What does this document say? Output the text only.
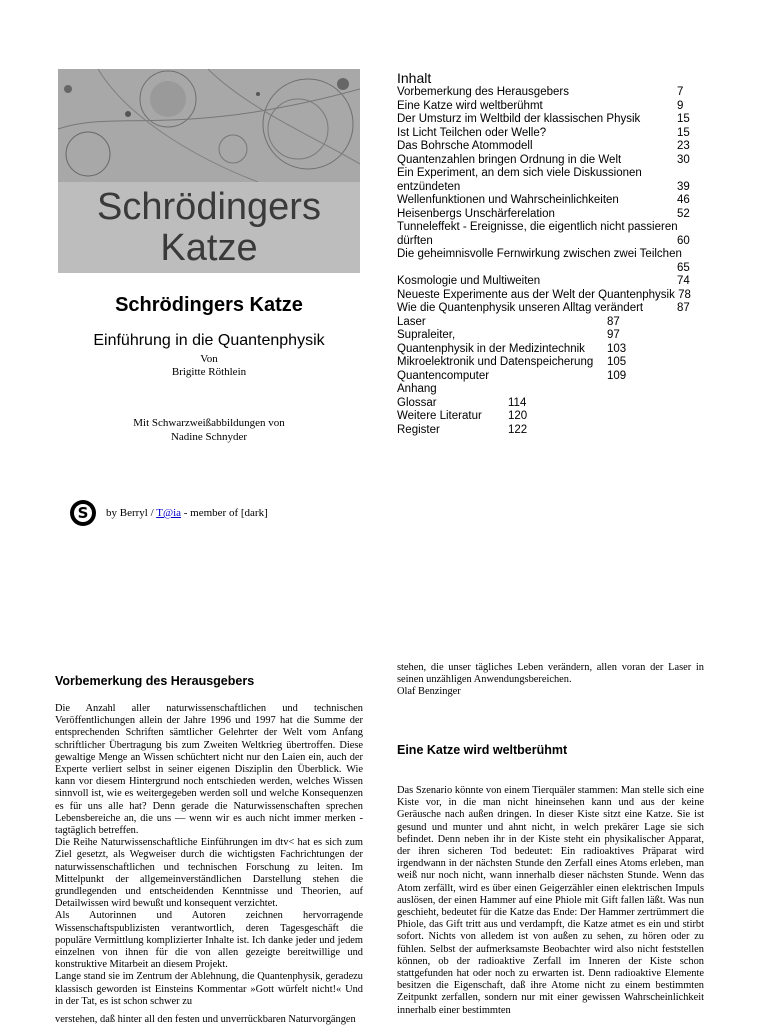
Schrödingers
Katze
Schrödingers Katze
Einführung in die Quantenphysik
Von
Brigitte Röthlein
Mit Schwarzweißabbildungen von
Nadine Schnyder
S	by Berryl / T@ia - member of [dark]
Inhalt
Vorbemerkung des Herausgebers	7
Eine Katze wird weltberühmt	9
Der Umsturz im Weltbild der klassischen Physik	15
Ist Licht Teilchen oder Welle?	15
Das Bohrsche Atommodell	23
Quantenzahlen bringen Ordnung in die Welt	30
Ein Experiment, an dem sich viele Diskussionen
entzündeten	39
Wellenfunktionen und Wahrscheinlichkeiten	46
Heisenbergs Unschärferelation	52
Tunneleffekt - Ereignisse, die eigentlich nicht passieren
dürften	60
Die geheimnisvolle Fernwirkung zwischen zwei Teilchen
65
Kosmologie und Multiweiten	74
Neueste Experimente aus der Welt der Quantenphysik 78
Wie die Quantenphysik unseren Alltag verändert	87
Laser	87
Supraleiter,	97
Quantenphysik in der Medizintechnik 103
Mikroelektronik und Datenspeicherung 105
Quantencomputer	109
Anhang
Glossar	114
Weitere Literatur 120
Register	122
Vorbemerkung des Herausgebers
Die Anzahl aller naturwissenschaftlichen und technischen Veröffentlichungen allein der Jahre 1996 und 1997 hat die Summe der entsprechenden Schriften sämtlicher Gelehrter der Welt vom Anfang schriftlicher Übertragung bis zum Zweiten Weltkrieg übertroffen. Diese gewaltige Menge an Wissen schüchtert nicht nur den Laien ein, auch der Experte verliert selbst in seiner eigenen Disziplin den Überblick. Wie kann vor diesem Hintergrund noch entschieden werden, welches Wissen sinnvoll ist, wie es weitergegeben werden soll und welche Konsequenzen es für uns alle hat? Denn gerade die Naturwissenschaften sprechen Lebensbereiche an, die uns — wenn wir es auch nicht immer merken - tagtäglich betreffen.
Die Reihe Naturwissenschaftliche Einführungen im dtv< hat es sich zum Ziel gesetzt, als Wegweiser durch die wichtigsten Fachrichtungen der naturwissenschaftlichen und technischen Forschung zu leiten. Im Mittelpunkt der allgemeinverständlichen Darstellung stehen die grundlegenden und entscheidenden Kenntnisse und Theorien, auf Detailwissen wird bewußt und konsequent verzichtet.
Als Autorinnen und Autoren zeichnen hervorragende Wissenschaftspublizisten verantwortlich, deren Tagesgeschäft die populäre Vermittlung komplizierter Inhalte ist. Ich danke jeder und jedem einzelnen von ihnen für die von allen gezeigte bereitwillige und konstruktive Mitarbeit an diesem Projekt.
Lange stand sie im Zentrum der Ablehnung, die Quantenphysik, geradezu klassisch geworden ist Einsteins Kommentar »Gott würfelt nicht!« Und in der Tat, es ist schon schwer zu
verstehen, daß hinter all den festen und unverrückbaren Naturvorgängen
stehen, die unser tägliches Leben verändern, allen voran der Laser in seinen unzähligen Anwendungsbereichen.
Olaf Benzinger
Eine Katze wird weltberühmt
Das Szenario könnte von einem Tierquäler stammen: Man stelle sich eine Kiste vor, in die man nicht hineinsehen kann und aus der keine Geräusche nach außen dringen. In dieser Kiste sitzt eine Katze. Sie ist gesund und munter und ahnt nicht, in welch prekärer Lage sie sich befindet. Denn neben ihr in der Kiste steht ein physikalischer Apparat, der ihren sicheren Tod bedeutet: Ein radioaktives Präparat wird irgendwann in der nächsten Stunde den Zerfall eines Atoms erleben, man weiß nur noch nicht, wann innerhalb dieser nächsten Stunde. Wenn das Atom zerfällt, wird es über einen Geigerzähler einen elektrischen Impuls auslösen, der einen Hammer auf eine Phiole mit Gift fallen läßt. Was nun geschieht, bedeutet für die Katze das Ende: Der Hammer zertrümmert die Phiole, das Gift tritt aus und verdampft, die Katze atmet es ein und stirbt sofort. Nichts von alledem ist von außen zu sehen, zu hören oder zu fühlen. Selbst der aufmerksamste Beobachter wird also nicht feststellen können, ob der radioaktive Zerfall im Inneren der Kiste schon stattgefunden hat oder noch zu erwarten ist. Denn radioaktive Elemente besitzen die Eigenschaft, daß ihre Atome nicht zu einem bestimmten Zeitpunkt zerfallen, sondern nur mit einer gewissen Wahrscheinlichkeit innerhalb einer bestimmten
